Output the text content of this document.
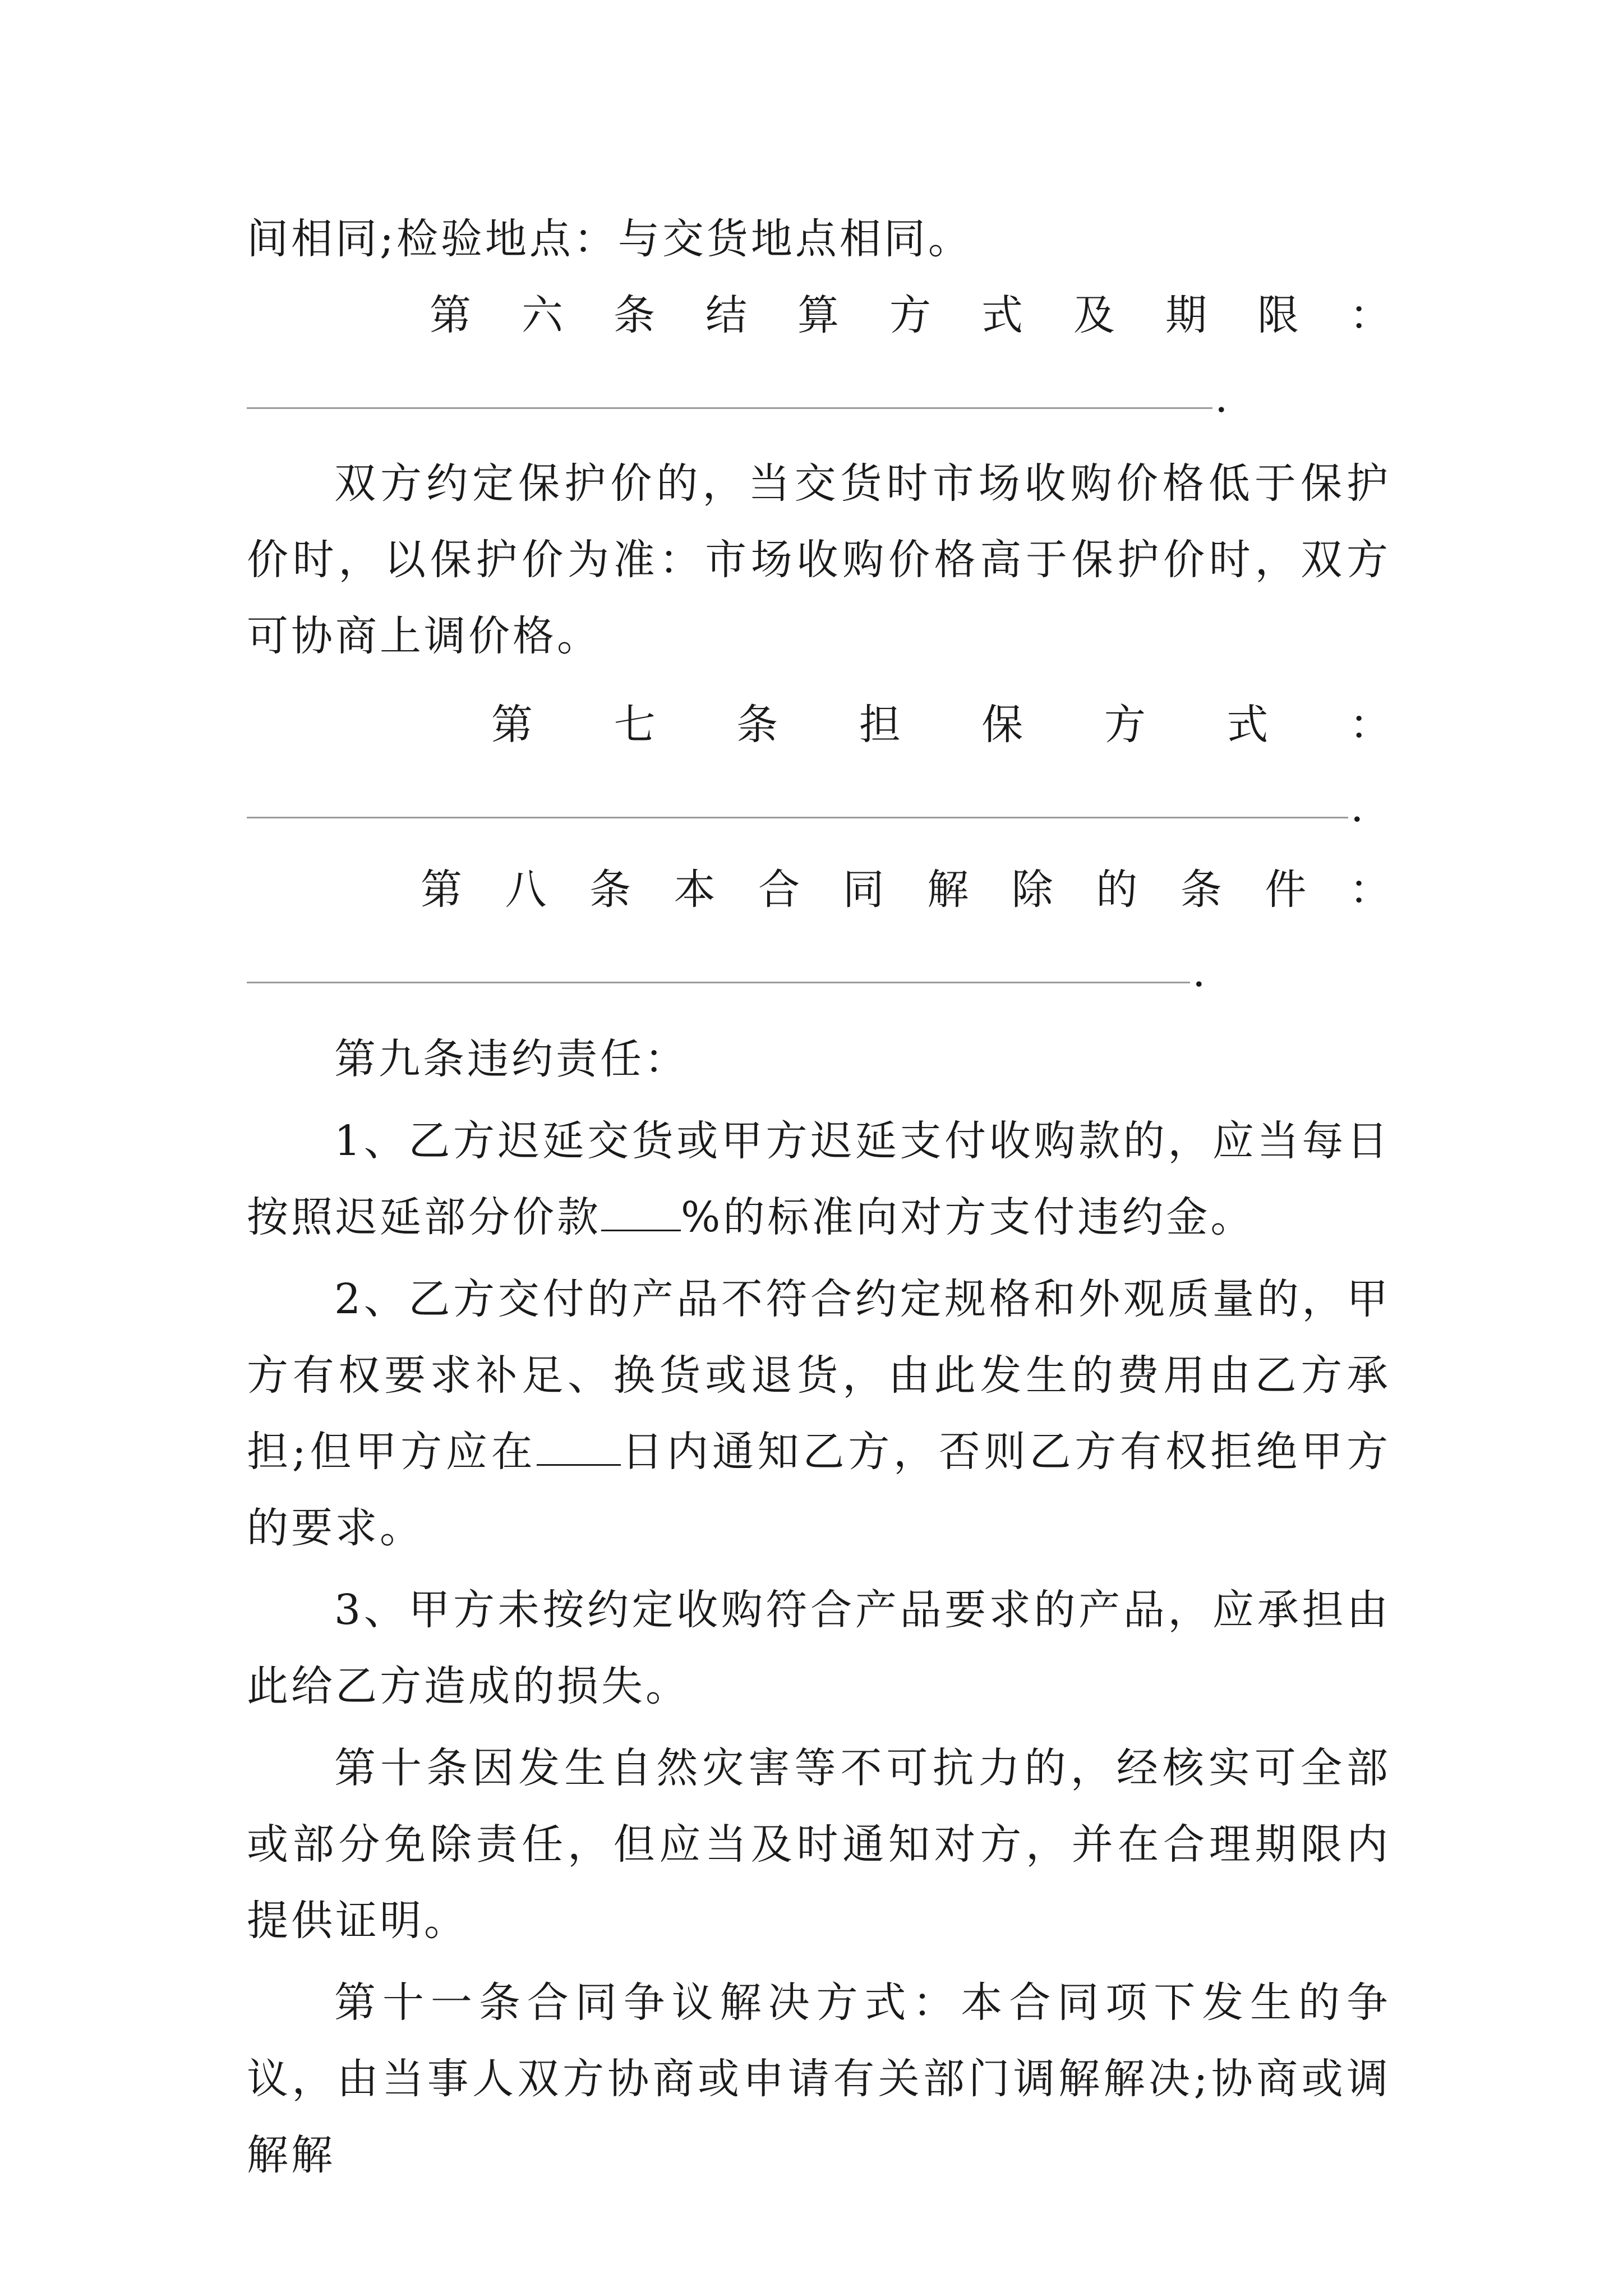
间相同;检验地点：与交货地点相同。

第 六 条 结 算 方 式 及 期 限 ：
.

双方约定保护价的，当交货时市场收购价格低于保护价时，以保护价为准：市场收购价格高于保护价时，双方可协商上调价格。

第 七 条 担 保 方 式 ：
.
第 八 条 本 合 同 解 除 的 条 件 ：
.

第九条违约责任：

1、乙方迟延交货或甲方迟延支付收购款的，应当每日按照迟延部分价款 %的标准向对方支付违约金。

2、乙方交付的产品不符合约定规格和外观质量的，甲方有权要求补足、换货或退货，由此发生的费用由乙方承担;但甲方应在 日内通知乙方，否则乙方有权拒绝甲方的要求。

3、甲方未按约定收购符合产品要求的产品，应承担由此给乙方造成的损失。

第十条因发生自然灾害等不可抗力的，经核实可全部或部分免除责任，但应当及时通知对方，并在合理期限内提供证明。

第十一条合同争议解决方式：本合同项下发生的争议，由当事人双方协商或申请有关部门调解解决;协商或调解解
